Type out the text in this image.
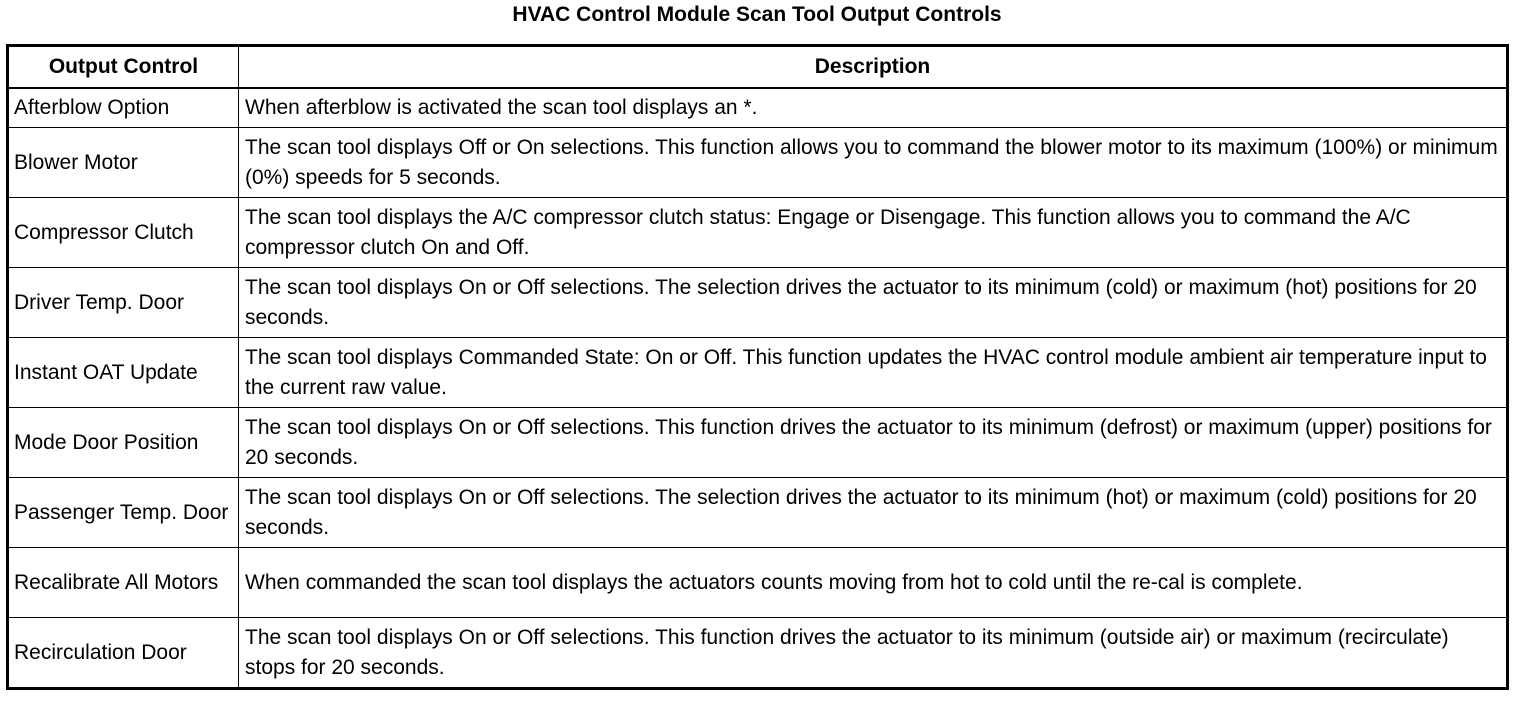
HVAC Control Module Scan Tool Output Controls
Output Control	Description
Afterblow Option	When afterblow is activated the scan tool displays an *.
Blower Motor	The scan tool displays Off or On selections. This function allows you to command the blower motor to its maximum (100%) or minimum (0%) speeds for 5 seconds.
Compressor Clutch	The scan tool displays the A/C compressor clutch status: Engage or Disengage. This function allows you to command the A/C compressor clutch On and Off.
Driver Temp. Door	The scan tool displays On or Off selections. The selection drives the actuator to its minimum (cold) or maximum (hot) positions for 20 seconds.
Instant OAT Update	The scan tool displays Commanded State: On or Off. This function updates the HVAC control module ambient air temperature input to the current raw value.
Mode Door Position	The scan tool displays On or Off selections. This function drives the actuator to its minimum (defrost) or maximum (upper) positions for 20 seconds.
Passenger Temp. Door	The scan tool displays On or Off selections. The selection drives the actuator to its minimum (hot) or maximum (cold) positions for 20 seconds.
Recalibrate All Motors	When commanded the scan tool displays the actuators counts moving from hot to cold until the re-cal is complete.
Recirculation Door	The scan tool displays On or Off selections. This function drives the actuator to its minimum (outside air) or maximum (recirculate) stops for 20 seconds.
